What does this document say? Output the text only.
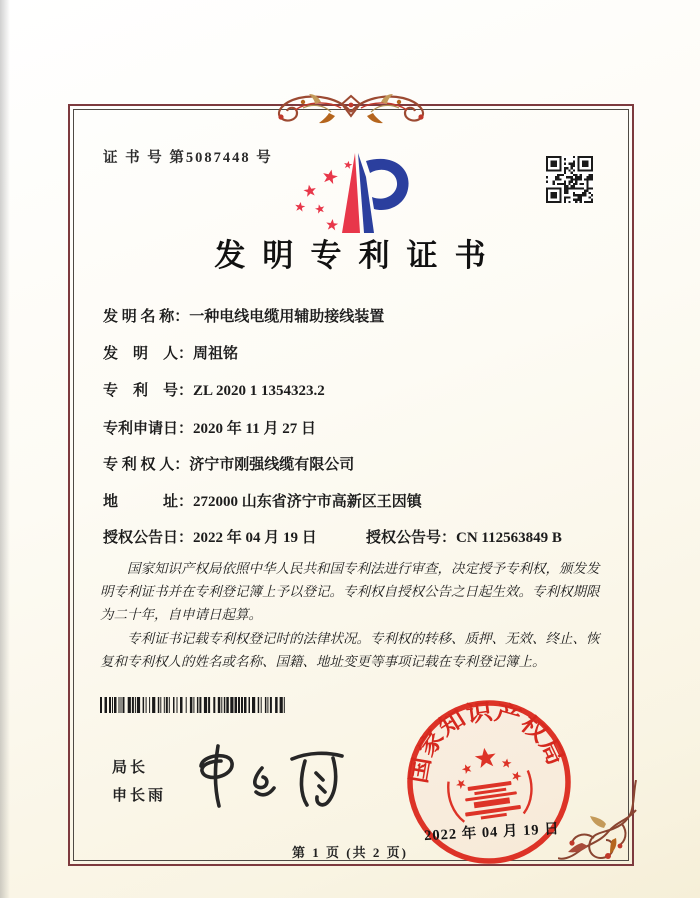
证 书 号 第5087448 号
发明专利证书
发 明 名 称：一种电线电缆用辅助接线装置
发　明　人：周祖铭
专　利　号：ZL 2020 1 1354323.2
专利申请日：2020 年 11 月 27 日
专 利 权 人：济宁市刚强线缆有限公司
地　　　址：272000 山东省济宁市高新区王因镇
授权公告日：2022 年 04 月 19 日	授权公告号：CN 112563849 B

国家知识产权局依照中华人民共和国专利法进行审查，决定授予专利权，颁发发明专利证书并在专利登记簿上予以登记。专利权自授权公告之日起生效。专利权期限为二十年，自申请日起算。

专利证书记载专利权登记时的法律状况。专利权的转移、质押、无效、终止、恢复和专利权人的姓名或名称、国籍、地址变更等事项记载在专利登记簿上。

局长
申长雨
国家知识产权局
2022 年 04 月 19 日
第 1 页 (共 2 页)
